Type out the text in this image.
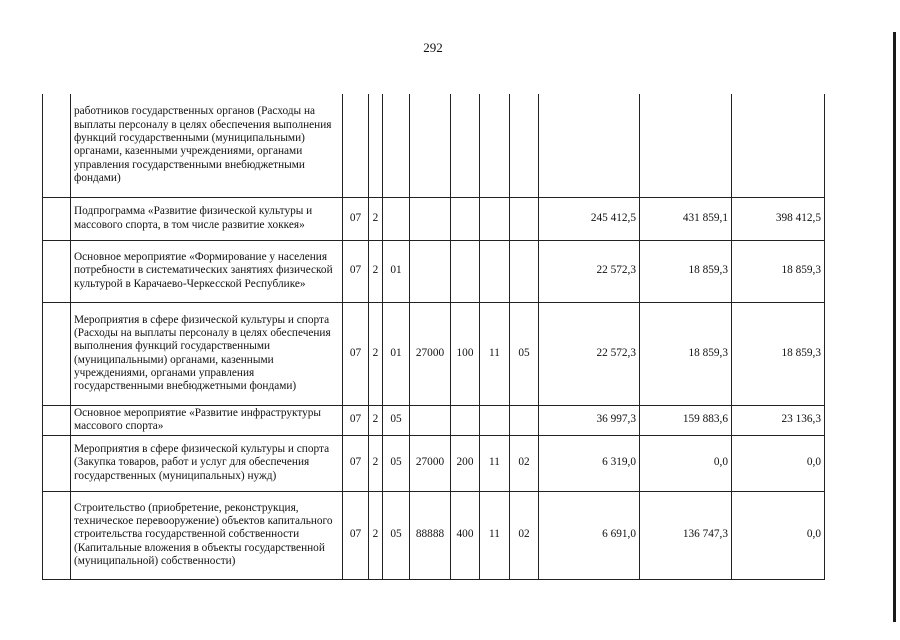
292
	работников государственных органов (Расходы на выплаты персоналу в целях обеспечения выполнения функций государственными (муниципальными) органами, казенными учреждениями, органами управления государственными внебюджетными фондами)										
	Подпрограмма «Развитие физической культуры и массового спорта, в том числе развитие хоккея»	07	2						245 412,5	431 859,1	398 412,5
	Основное мероприятие «Формирование у населения потребности в систематических занятиях физической культурой в Карачаево-Черкесской Республике»	07	2	01					22 572,3	18 859,3	18 859,3
	Мероприятия в сфере физической культуры и спорта (Расходы на выплаты персоналу в целях обеспечения выполнения функций государственными (муниципальными) органами, казенными учреждениями, органами управления государственными внебюджетными фондами)	07	2	01	27000	100	11	05	22 572,3	18 859,3	18 859,3
	Основное мероприятие «Развитие инфраструктуры массового спорта»	07	2	05					36 997,3	159 883,6	23 136,3
	Мероприятия в сфере физической культуры и спорта (Закупка товаров, работ и услуг для обеспечения государственных (муниципальных) нужд)	07	2	05	27000	200	11	02	6 319,0	0,0	0,0
	Строительство (приобретение, реконструкция, техническое перевооружение) объектов капитального строительства государственной собственности (Капитальные вложения в объекты государственной (муниципальной) собственности)	07	2	05	88888	400	11	02	6 691,0	136 747,3	0,0
